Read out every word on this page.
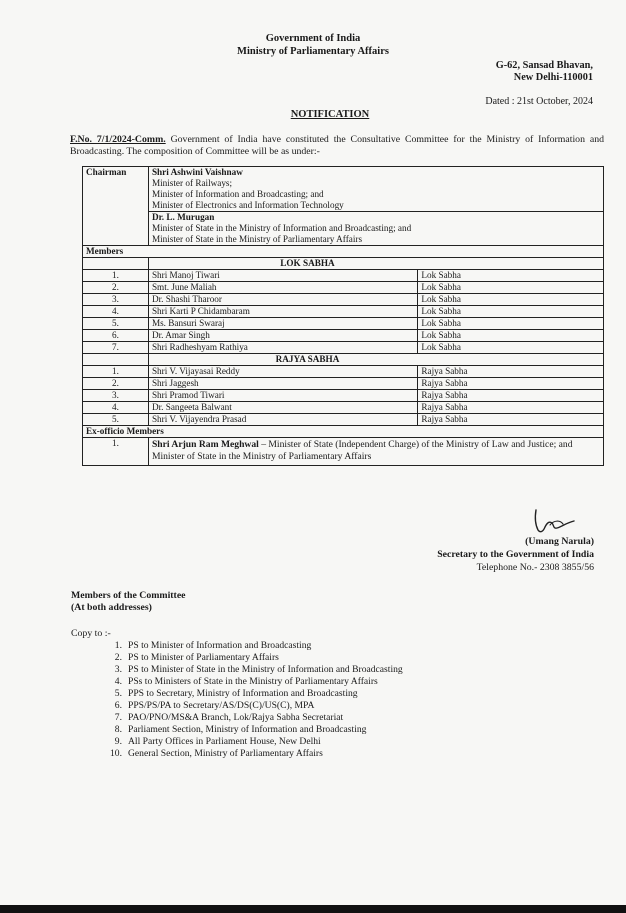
Government of India
Ministry of Parliamentary Affairs
G-62, Sansad Bhavan,
New Delhi-110001
Dated : 21st October, 2024
NOTIFICATION
F.No. 7/1/2024-Comm. Government of India have constituted the Consultative Committee for the Ministry of Information and Broadcasting. The composition of Committee will be as under:-
Chairman	Shri Ashwini Vaishnaw
Minister of Railways;
Minister of Information and Broadcasting; and
Minister of Electronics and Information Technology	

	Dr. L. Murugan
Minister of State in the Ministry of Information and Broadcasting; and
Minister of State in the Ministry of Parliamentary Affairs	

Members		
	LOK SABHA	
1.	Shri Manoj Tiwari	Lok Sabha
2.	Smt. June Maliah	Lok Sabha
3.	Dr. Shashi Tharoor	Lok Sabha
4.	Shri Karti P Chidambaram	Lok Sabha
5.	Ms. Bansuri Swaraj	Lok Sabha
6.	Dr. Amar Singh	Lok Sabha
7.	Shri Radheshyam Rathiya	Lok Sabha
	RAJYA SABHA	
1.	Shri V. Vijayasai Reddy	Rajya Sabha
2.	Shri Jaggesh	Rajya Sabha
3.	Shri Pramod Tiwari	Rajya Sabha
4.	Dr. Sangeeta Balwant	Rajya Sabha
5.	Shri V. Vijayendra Prasad	Rajya Sabha
Ex-officio Members		
1.	Shri Arjun Ram Meghwal – Minister of State (Independent Charge) of the Ministry of Law and Justice; and Minister of State in the Ministry of Parliamentary Affairs	
(Umang Narula)
Secretary to the Government of India
Telephone No.- 2308 3855/56
Members of the Committee
(At both addresses)
Copy to :-
1. PS to Minister of Information and Broadcasting
2. PS to Minister of Parliamentary Affairs
3. PS to Minister of State in the Ministry of Information and Broadcasting
4. PSs to Ministers of State in the Ministry of Parliamentary Affairs
5. PPS to Secretary, Ministry of Information and Broadcasting
6. PPS/PS/PA to Secretary/AS/DS(C)/US(C), MPA
7. PAO/PNO/MS&A Branch, Lok/Rajya Sabha Secretariat
8. Parliament Section, Ministry of Information and Broadcasting
9. All Party Offices in Parliament House, New Delhi
10. General Section, Ministry of Parliamentary Affairs
